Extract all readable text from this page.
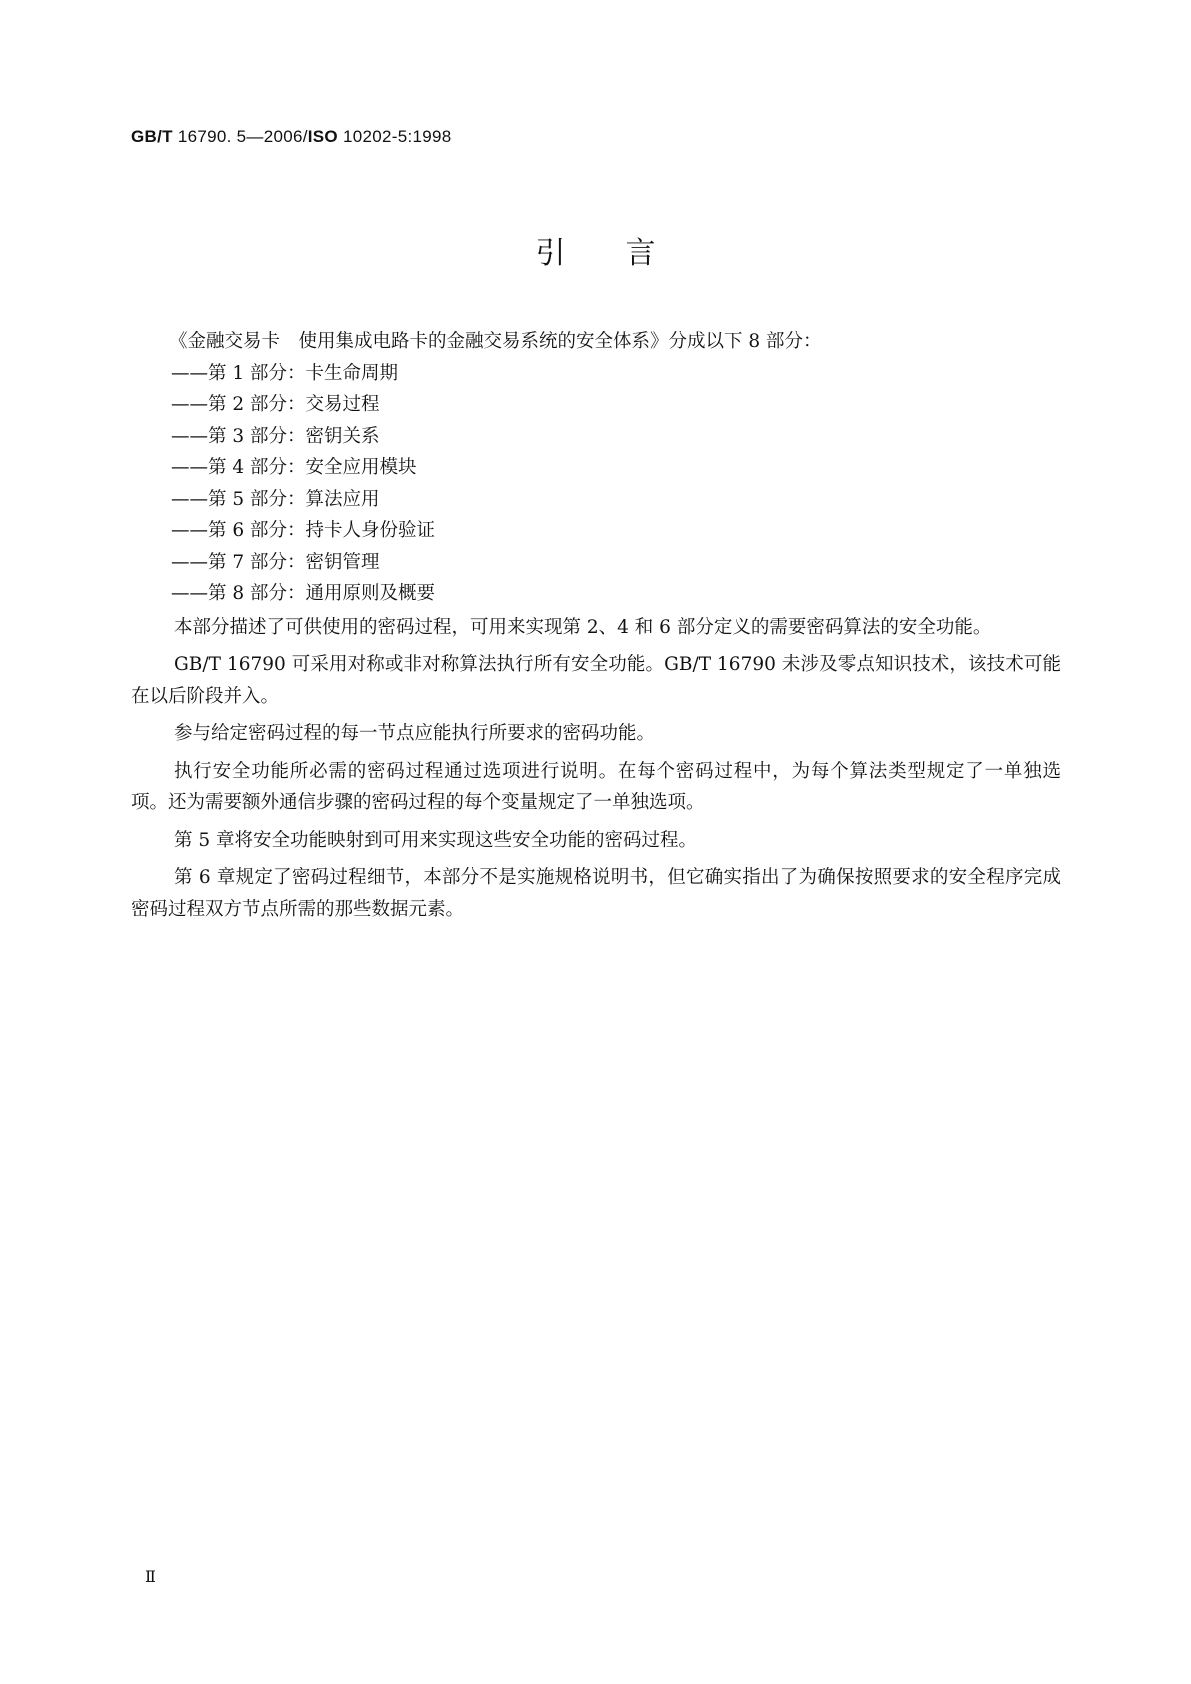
GB/T 16790. 5—2006/ISO 10202-5:1998
引言
《金融交易卡　使用集成电路卡的金融交易系统的安全体系》分成以下 8 部分：
——第 1 部分：卡生命周期
——第 2 部分：交易过程
——第 3 部分：密钥关系
——第 4 部分：安全应用模块
——第 5 部分：算法应用
——第 6 部分：持卡人身份验证
——第 7 部分：密钥管理
——第 8 部分：通用原则及概要

本部分描述了可供使用的密码过程，可用来实现第 2、4 和 6 部分定义的需要密码算法的安全功能。

GB/T 16790 可采用对称或非对称算法执行所有安全功能。GB/T 16790 未涉及零点知识技术，该技术可能在以后阶段并入。

参与给定密码过程的每一节点应能执行所要求的密码功能。

执行安全功能所必需的密码过程通过选项进行说明。在每个密码过程中，为每个算法类型规定了一单独选项。还为需要额外通信步骤的密码过程的每个变量规定了一单独选项。

第 5 章将安全功能映射到可用来实现这些安全功能的密码过程。

第 6 章规定了密码过程细节，本部分不是实施规格说明书，但它确实指出了为确保按照要求的安全程序完成密码过程双方节点所需的那些数据元素。

Ⅱ
